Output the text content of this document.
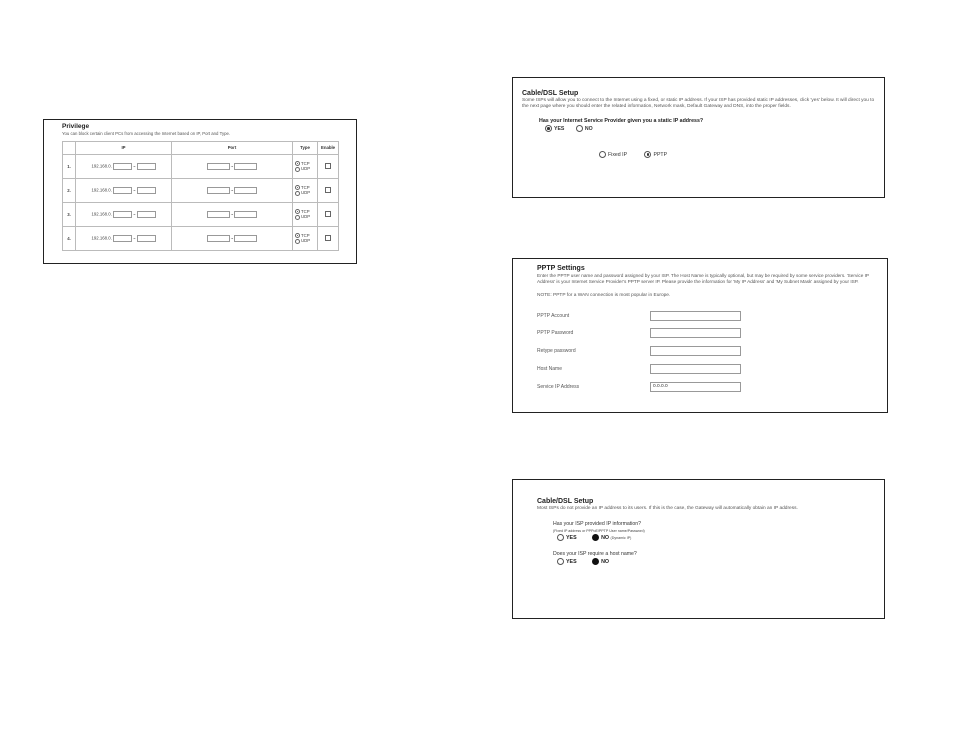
Privilege
You can block certain client PCs from accessing the Internet based on IP, Port and Type.
	IP	Port	Type	Enable
1.	192.168.0. ~	~	TCP
UDP	

2.	192.168.0. ~	~	TCP
UDP	

3.	192.168.0. ~	~	TCP
UDP	

4.	192.168.0. ~	~	TCP
UDP	

Cable/DSL Setup
Some ISPs will allow you to connect to the Internet using a fixed, or static IP address. If your ISP has provided static IP addresses, click 'yes' below. It will direct you to the next page where you should enter the related information, Network mask, Default Gateway and DNS, into the proper fields.
Has your Internet Service Provider given you a static IP address?
YES	NO
Fixed IP	PPTP
PPTP Settings
Enter the PPTP user name and password assigned by your ISP. The Host Name is typically optional, but may be required by some service providers. 'Service IP Address' is your Internet Service Provider's PPTP server IP. Please provide the information for 'My IP Address' and 'My Subnet Mask' assigned by your ISP.
NOTE: PPTP for a WAN connection is most popular in Europe.
PPTP Account
PPTP Password
Retype password
Host Name
Service IP Address	0.0.0.0
Cable/DSL Setup
Most ISPs do not provide an IP address to its users. If this is the case, the Gateway will automatically obtain an IP address.
Has your ISP provided IP information?
(Fixed IP address or PPPoE/PPTP User name/Password)
YES	NO (Dynamic IP)
Does your ISP require a host name?
YES	NO
